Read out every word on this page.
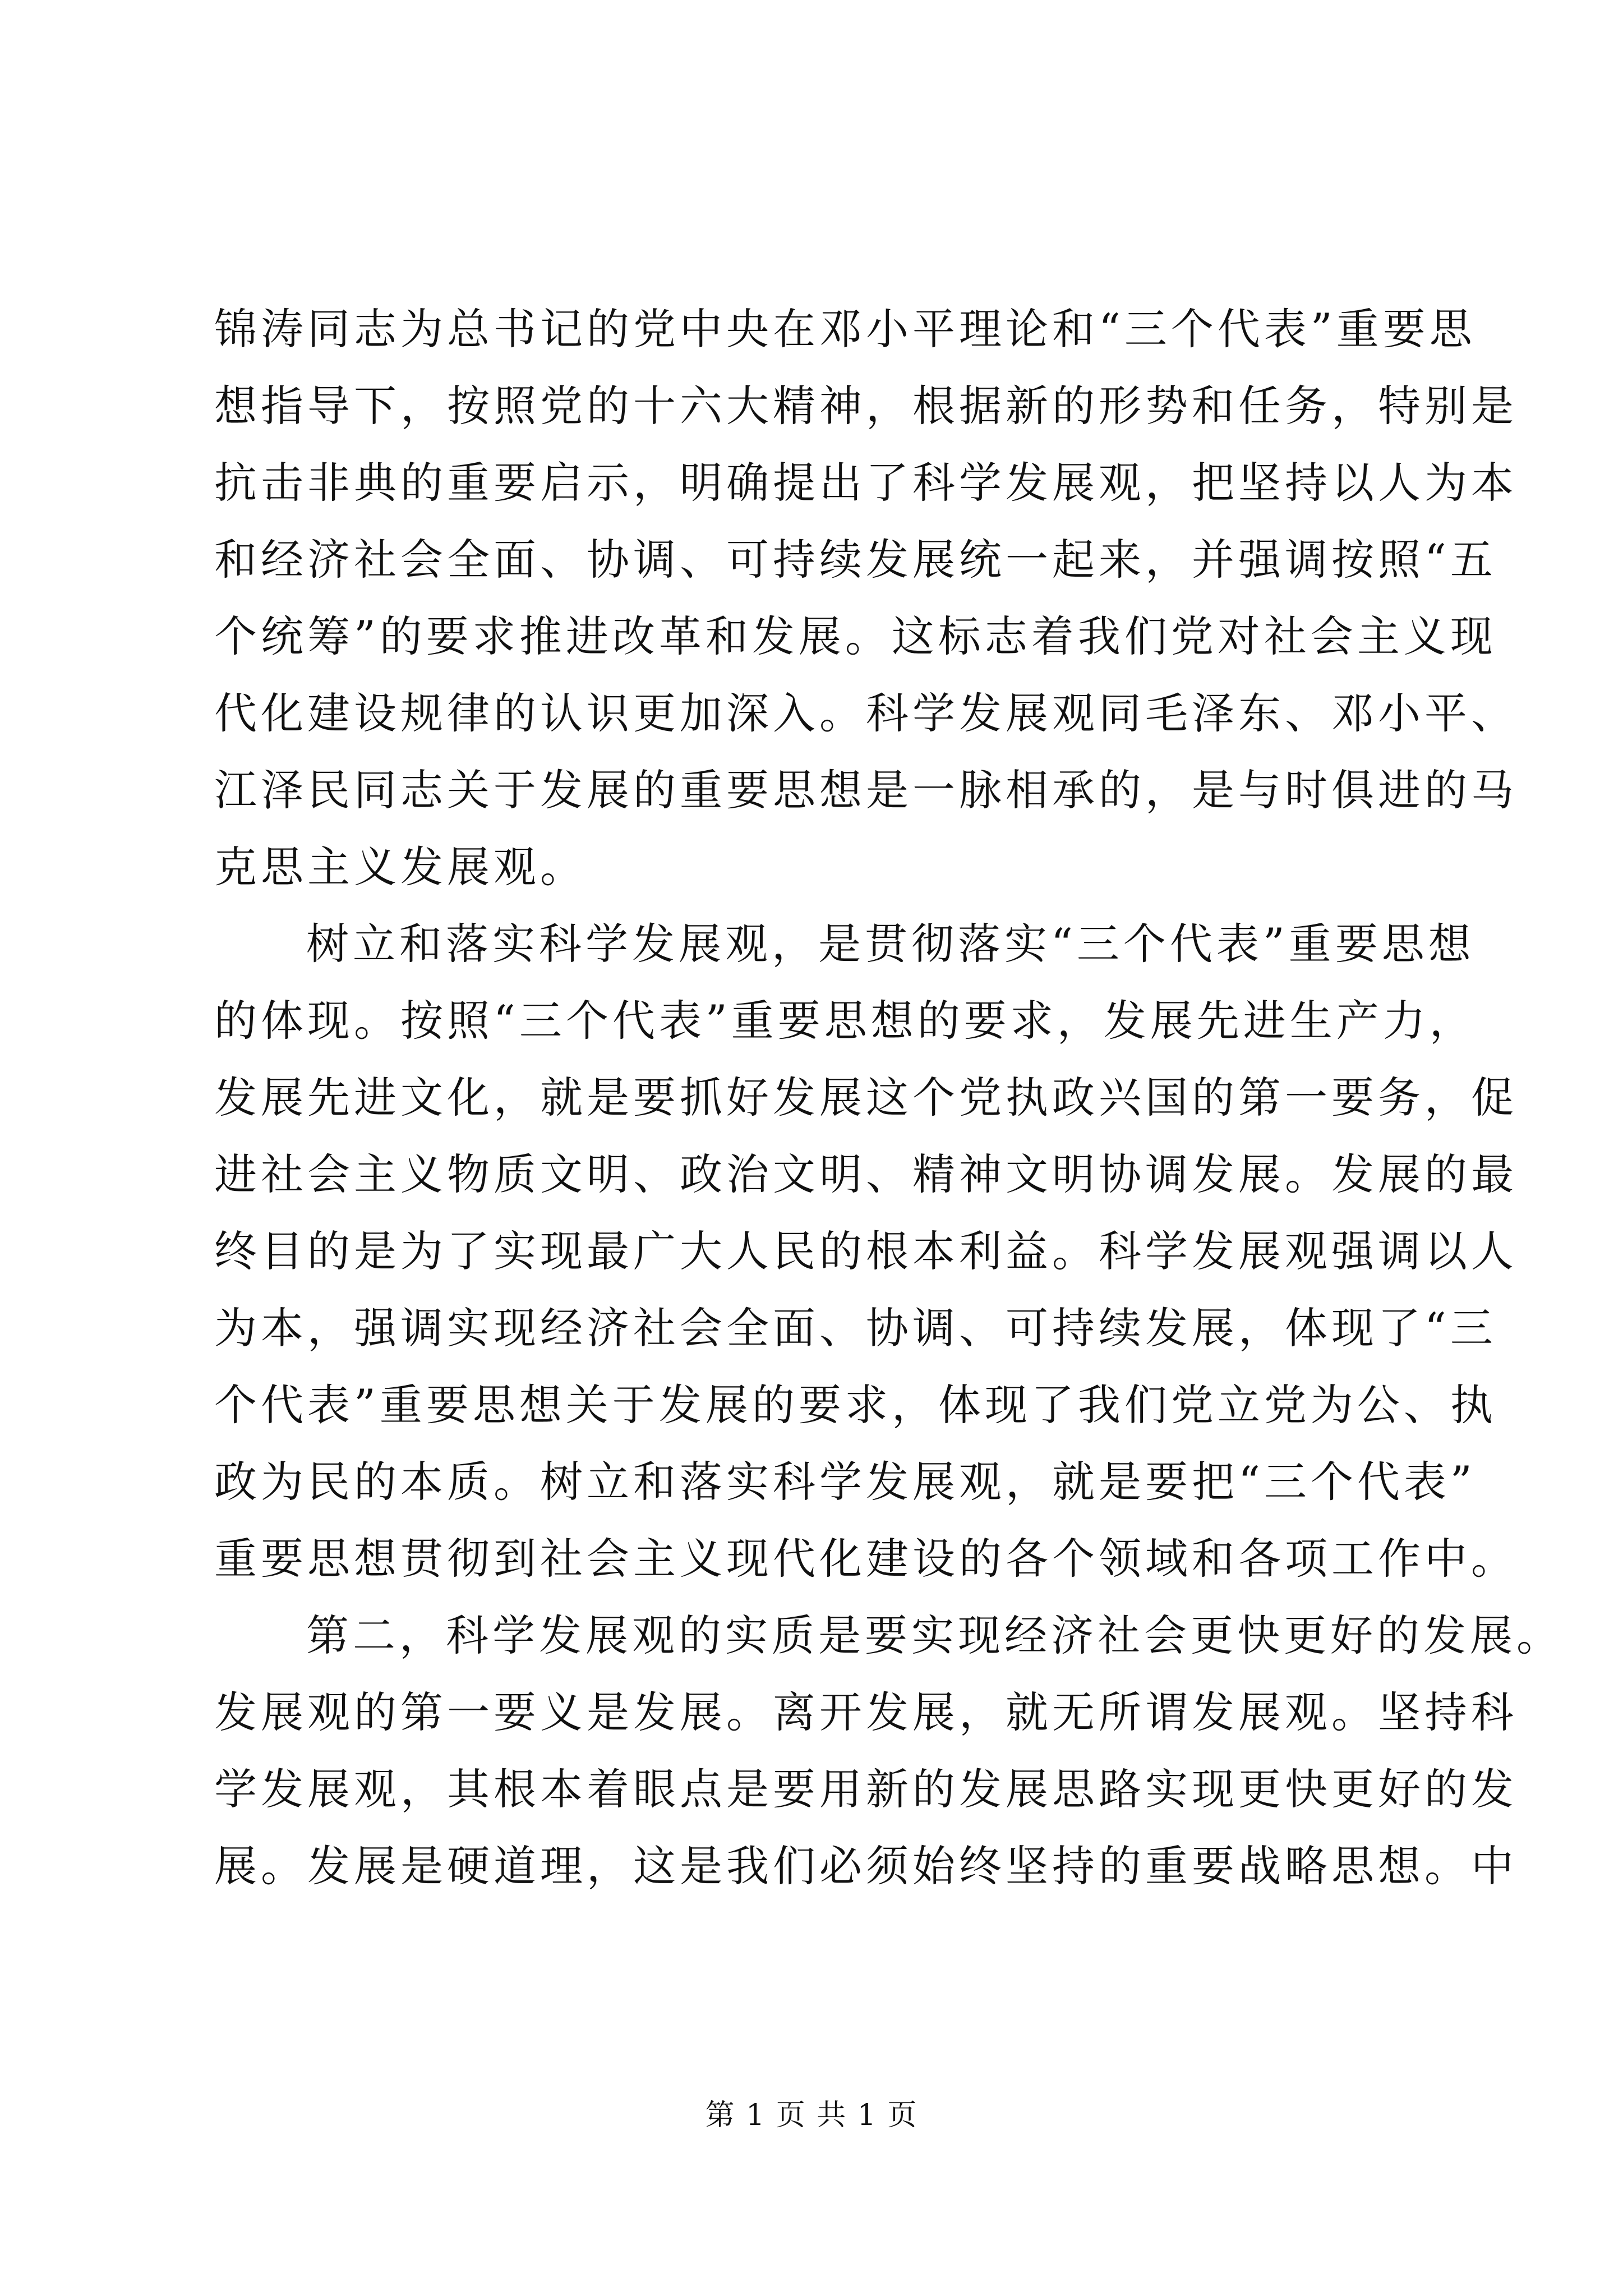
锦涛同志为总书记的党中央在邓小平理论和“三个代表”重要思
想指导下，按照党的十六大精神，根据新的形势和任务，特别是
抗击非典的重要启示，明确提出了科学发展观，把坚持以人为本
和经济社会全面、协调、可持续发展统一起来，并强调按照“五
个统筹”的要求推进改革和发展。这标志着我们党对社会主义现
代化建设规律的认识更加深入。科学发展观同毛泽东、邓小平、
江泽民同志关于发展的重要思想是一脉相承的，是与时俱进的马
克思主义发展观。
树立和落实科学发展观，是贯彻落实“三个代表”重要思想
的体现。按照“三个代表”重要思想的要求，发展先进生产力，
发展先进文化，就是要抓好发展这个党执政兴国的第一要务，促
进社会主义物质文明、政治文明、精神文明协调发展。发展的最
终目的是为了实现最广大人民的根本利益。科学发展观强调以人
为本，强调实现经济社会全面、协调、可持续发展，体现了“三
个代表”重要思想关于发展的要求，体现了我们党立党为公、执
政为民的本质。树立和落实科学发展观，就是要把“三个代表”
重要思想贯彻到社会主义现代化建设的各个领域和各项工作中。
第二，科学发展观的实质是要实现经济社会更快更好的发展。
发展观的第一要义是发展。离开发展，就无所谓发展观。坚持科
学发展观，其根本着眼点是要用新的发展思路实现更快更好的发
展。发展是硬道理，这是我们必须始终坚持的重要战略思想。中
第 1 页 共 1 页
